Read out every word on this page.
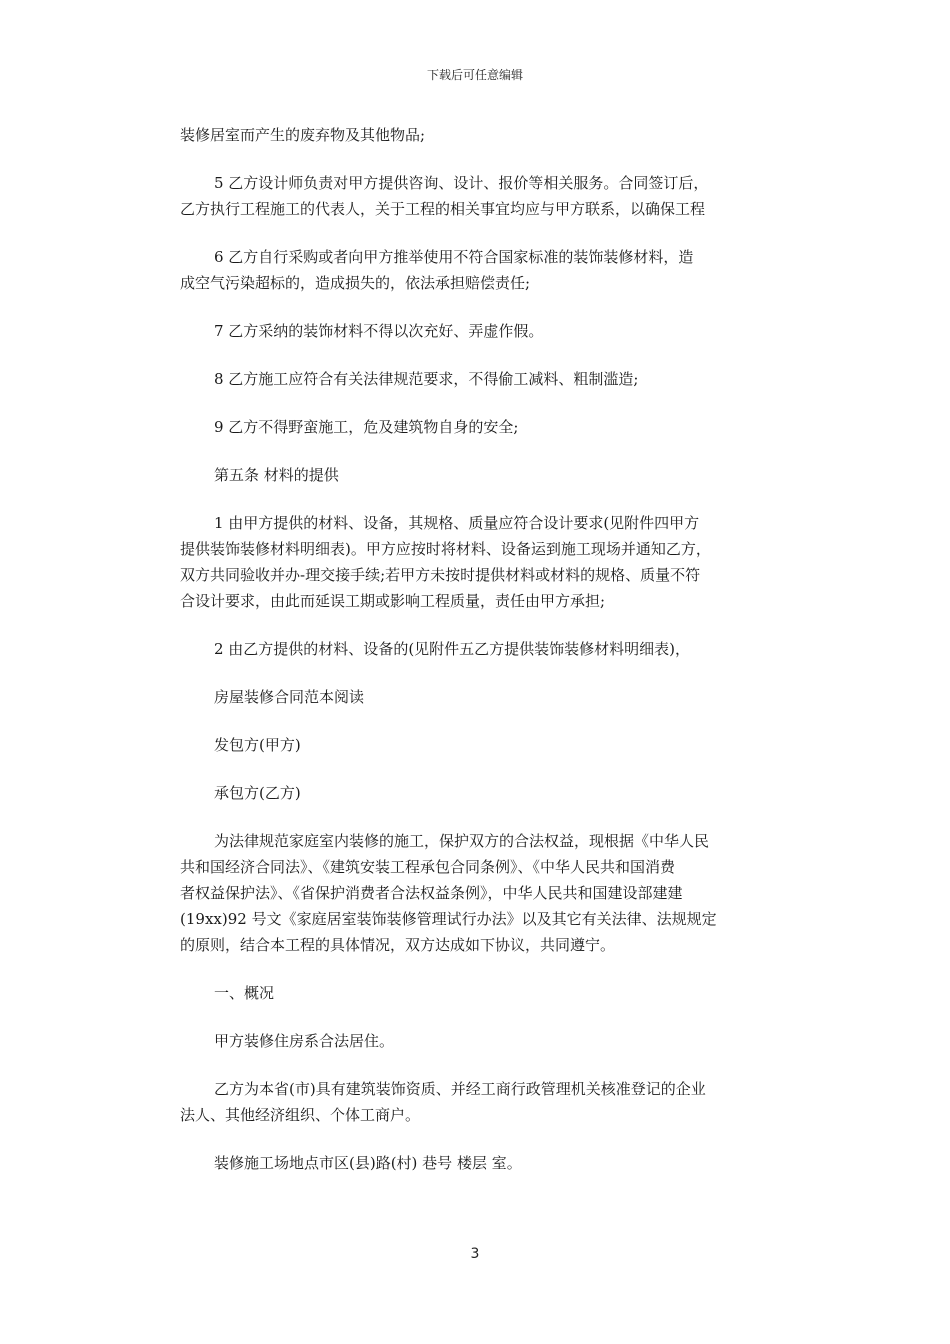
下载后可任意编辑
装修居室而产生的废弃物及其他物品;
5 乙方设计师负责对甲方提供咨询、设计、报价等相关服务。合同签订后，
乙方执行工程施工的代表人，关于工程的相关事宜均应与甲方联系，以确保工程
6 乙方自行采购或者向甲方推举使用不符合国家标准的装饰装修材料，造
成空气污染超标的，造成损失的，依法承担赔偿责任;
7 乙方采纳的装饰材料不得以次充好、弄虚作假。
8 乙方施工应符合有关法律规范要求，不得偷工减料、粗制滥造;
9 乙方不得野蛮施工，危及建筑物自身的安全;
第五条 材料的提供
1 由甲方提供的材料、设备，其规格、质量应符合设计要求(见附件四甲方
提供装饰装修材料明细表)。甲方应按时将材料、设备运到施工现场并通知乙方，
双方共同验收并办-理交接手续;若甲方未按时提供材料或材料的规格、质量不符
合设计要求，由此而延误工期或影响工程质量，责任由甲方承担;
2 由乙方提供的材料、设备的(见附件五乙方提供装饰装修材料明细表)，
房屋装修合同范本阅读
发包方(甲方)
承包方(乙方)
为法律规范家庭室内装修的施工，保护双方的合法权益，现根据《中华人民
共和国经济合同法》、《建筑安装工程承包合同条例》、《中华人民共和国消费
者权益保护法》、《省保护消费者合法权益条例》，中华人民共和国建设部建建
(19xx)92 号文《家庭居室装饰装修管理试行办法》以及其它有关法律、法规规定
的原则，结合本工程的具体情况，双方达成如下协议，共同遵宁。
一、概况
甲方装修住房系合法居住。
乙方为本省(市)具有建筑装饰资质、并经工商行政管理机关核准登记的企业
法人、其他经济组织、个体工商户。
装修施工场地点市区(县)路(村) 巷号 楼层 室。
3
